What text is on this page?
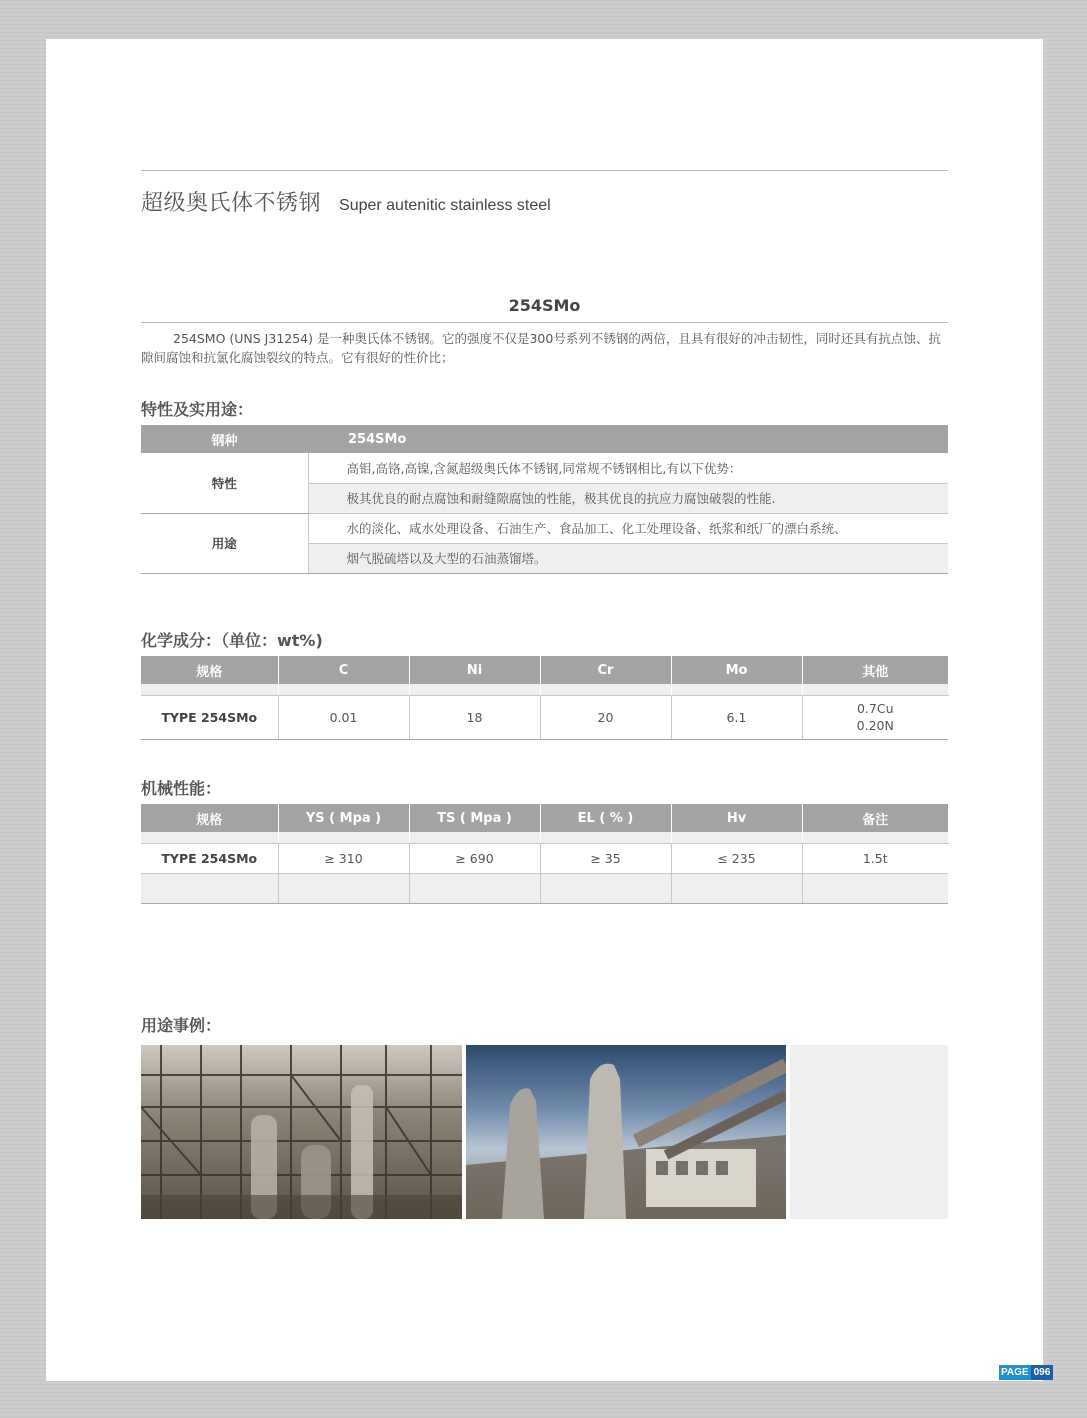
超级奥氏体不锈钢 Super autenitic stainless steel
254SMo
254SMO (UNS J31254) 是一种奥氏体不锈钢。它的强度不仅是300号系列不锈钢的两倍，且具有很好的冲击韧性，同时还具有抗点蚀、抗隙间腐蚀和抗氯化腐蚀裂纹的特点。它有很好的性价比；
特性及实用途：
钢种	254SMo
特性	高钼,高铬,高镍,含氮超级奥氏体不锈钢,同常规不锈钢相比,有以下优势：
	极其优良的耐点腐蚀和耐缝隙腐蚀的性能，极其优良的抗应力腐蚀破裂的性能.
用途	水的淡化、咸水处理设备、石油生产、食品加工、化工处理设备、纸浆和纸厂的漂白系统、
	烟气脱硫塔以及大型的石油蒸馏塔。
化学成分：（单位：wt%)
规格	C	Ni	Cr	Mo	其他

TYPE 254SMo	0.01	18	20	6.1	0.7Cu
0.20N
机械性能：
规格	YS ( Mpa )	TS ( Mpa )	EL ( % )	Hv	备注

TYPE 254SMo	≥ 310	≥ 690	≥ 35	≤ 235	1.5t

用途事例：
PAGE 096
